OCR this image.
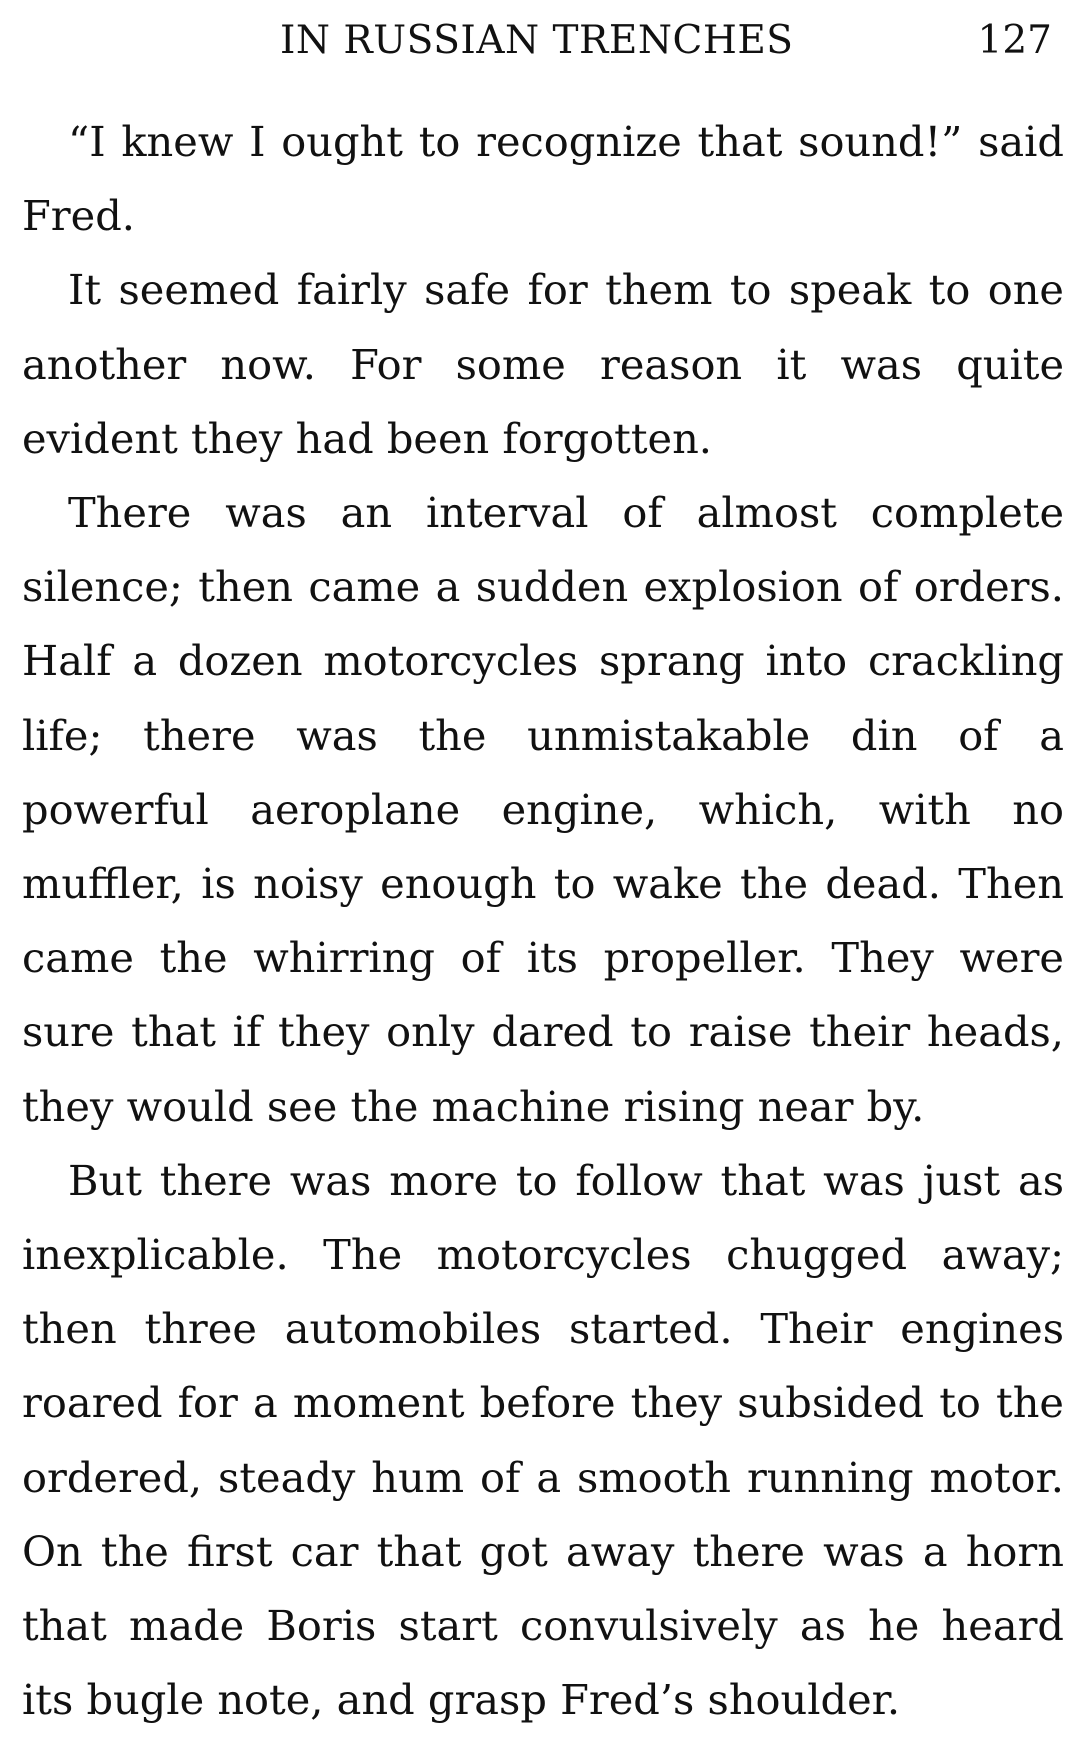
IN RUSSIAN TRENCHES	127

“I knew I ought to recognize that sound!” said Fred.

It seemed fairly safe for them to speak to one another now. For some reason it was quite evident they had been forgotten.

There was an interval of almost complete silence; then came a sudden explosion of orders. Half a dozen motorcycles sprang into crackling life; there was the unmistakable din of a powerful aeroplane engine, which, with no muffler, is noisy enough to wake the dead. Then came the whirring of its propeller. They were sure that if they only dared to raise their heads, they would see the machine rising near by.

But there was more to follow that was just as inexplicable. The motorcycles chugged away; then three automobiles started. Their engines roared for a moment before they subsided to the ordered, steady hum of a smooth running motor. On the first car that got away there was a horn that made Boris start convulsively as he heard its bugle note, and grasp Fred’s shoulder.
